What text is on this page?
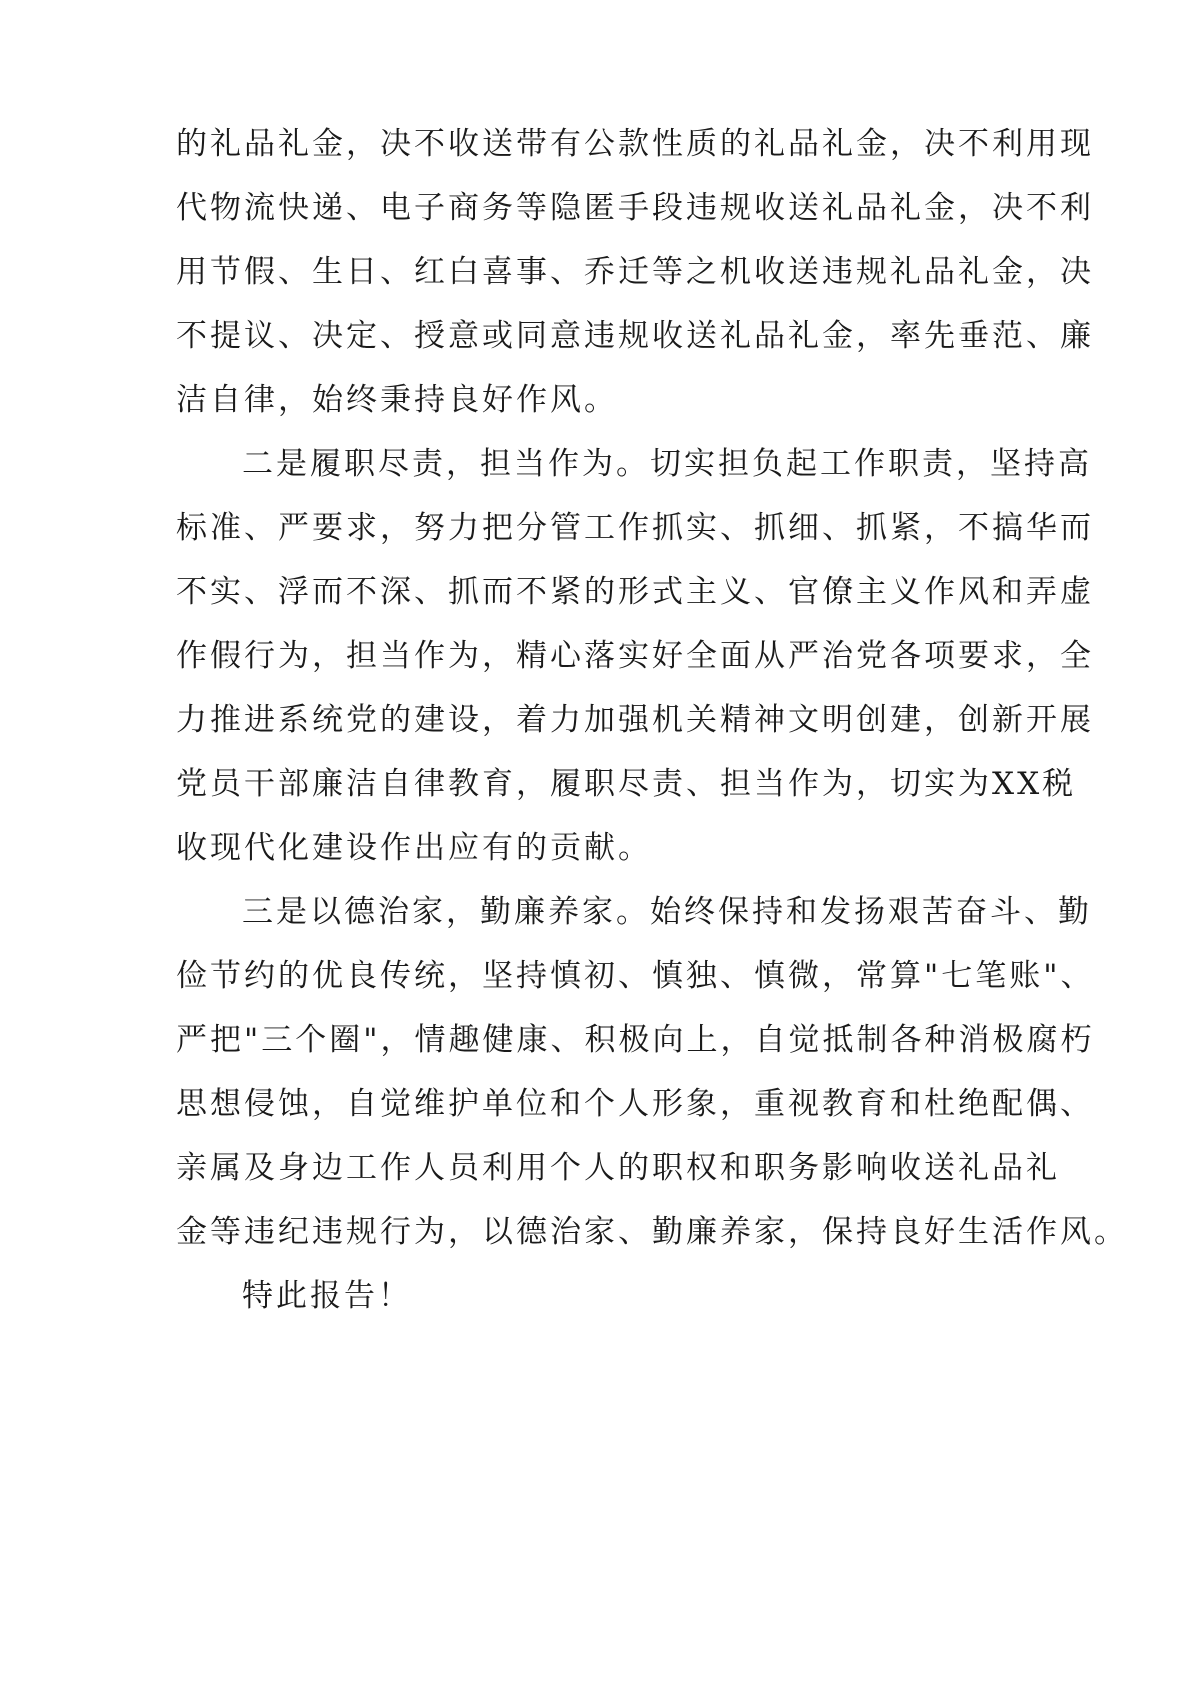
的礼品礼金，决不收送带有公款性质的礼品礼金，决不利用现
代物流快递、电子商务等隐匿手段违规收送礼品礼金，决不利
用节假、生日、红白喜事、乔迁等之机收送违规礼品礼金，决
不提议、决定、授意或同意违规收送礼品礼金，率先垂范、廉
洁自律，始终秉持良好作风。
二是履职尽责，担当作为。切实担负起工作职责，坚持高
标准、严要求，努力把分管工作抓实、抓细、抓紧，不搞华而
不实、浮而不深、抓而不紧的形式主义、官僚主义作风和弄虚
作假行为，担当作为，精心落实好全面从严治党各项要求，全
力推进系统党的建设，着力加强机关精神文明创建，创新开展
党员干部廉洁自律教育，履职尽责、担当作为，切实为XX税
收现代化建设作出应有的贡献。
三是以德治家，勤廉养家。始终保持和发扬艰苦奋斗、勤
俭节约的优良传统，坚持慎初、慎独、慎微，常算"七笔账"、
严把"三个圈"，情趣健康、积极向上，自觉抵制各种消极腐朽
思想侵蚀，自觉维护单位和个人形象，重视教育和杜绝配偶、
亲属及身边工作人员利用个人的职权和职务影响收送礼品礼
金等违纪违规行为，以德治家、勤廉养家，保持良好生活作风。
特此报告！
